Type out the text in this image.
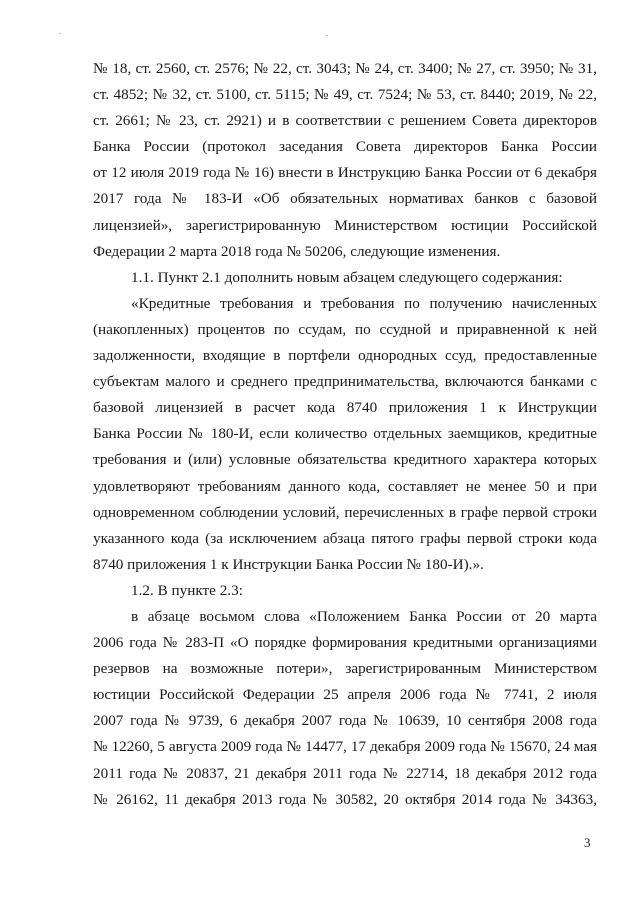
№ 18, ст. 2560, ст. 2576; № 22, ст. 3043; № 24, ст. 3400; № 27, ст. 3950; № 31,
ст. 4852; № 32, ст. 5100, ст. 5115; № 49, ст. 7524; № 53, ст. 8440; 2019, № 22,
ст. 2661; № 23, ст. 2921) и в соответствии с решением Совета директоров
Банка России (протокол заседания Совета директоров Банка России
от 12 июля 2019 года № 16) внести в Инструкцию Банка России от 6 декабря
2017 года № 183-И «Об обязательных нормативах банков с базовой
лицензией», зарегистрированную Министерством юстиции Российской
Федерации 2 марта 2018 года № 50206, следующие изменения.
1.1. Пункт 2.1 дополнить новым абзацем следующего содержания:
«Кредитные требования и требования по получению начисленных
(накопленных) процентов по ссудам, по ссудной и приравненной к ней
задолженности, входящие в портфели однородных ссуд, предоставленные
субъектам малого и среднего предпринимательства, включаются банками с
базовой лицензией в расчет кода 8740 приложения 1 к Инструкции
Банка России № 180-И, если количество отдельных заемщиков, кредитные
требования и (или) условные обязательства кредитного характера которых
удовлетворяют требованиям данного кода, составляет не менее 50 и при
одновременном соблюдении условий, перечисленных в графе первой строки
указанного кода (за исключением абзаца пятого графы первой строки кода
8740 приложения 1 к Инструкции Банка России № 180-И).».
1.2. В пункте 2.3:
в абзаце восьмом слова «Положением Банка России от 20 марта
2006 года № 283-П «О порядке формирования кредитными организациями
резервов на возможные потери», зарегистрированным Министерством
юстиции Российской Федерации 25 апреля 2006 года № 7741, 2 июля
2007 года № 9739, 6 декабря 2007 года № 10639, 10 сентября 2008 года
№ 12260, 5 августа 2009 года № 14477, 17 декабря 2009 года № 15670, 24 мая
2011 года № 20837, 21 декабря 2011 года № 22714, 18 декабря 2012 года
№ 26162, 11 декабря 2013 года № 30582, 20 октября 2014 года № 34363,
3
